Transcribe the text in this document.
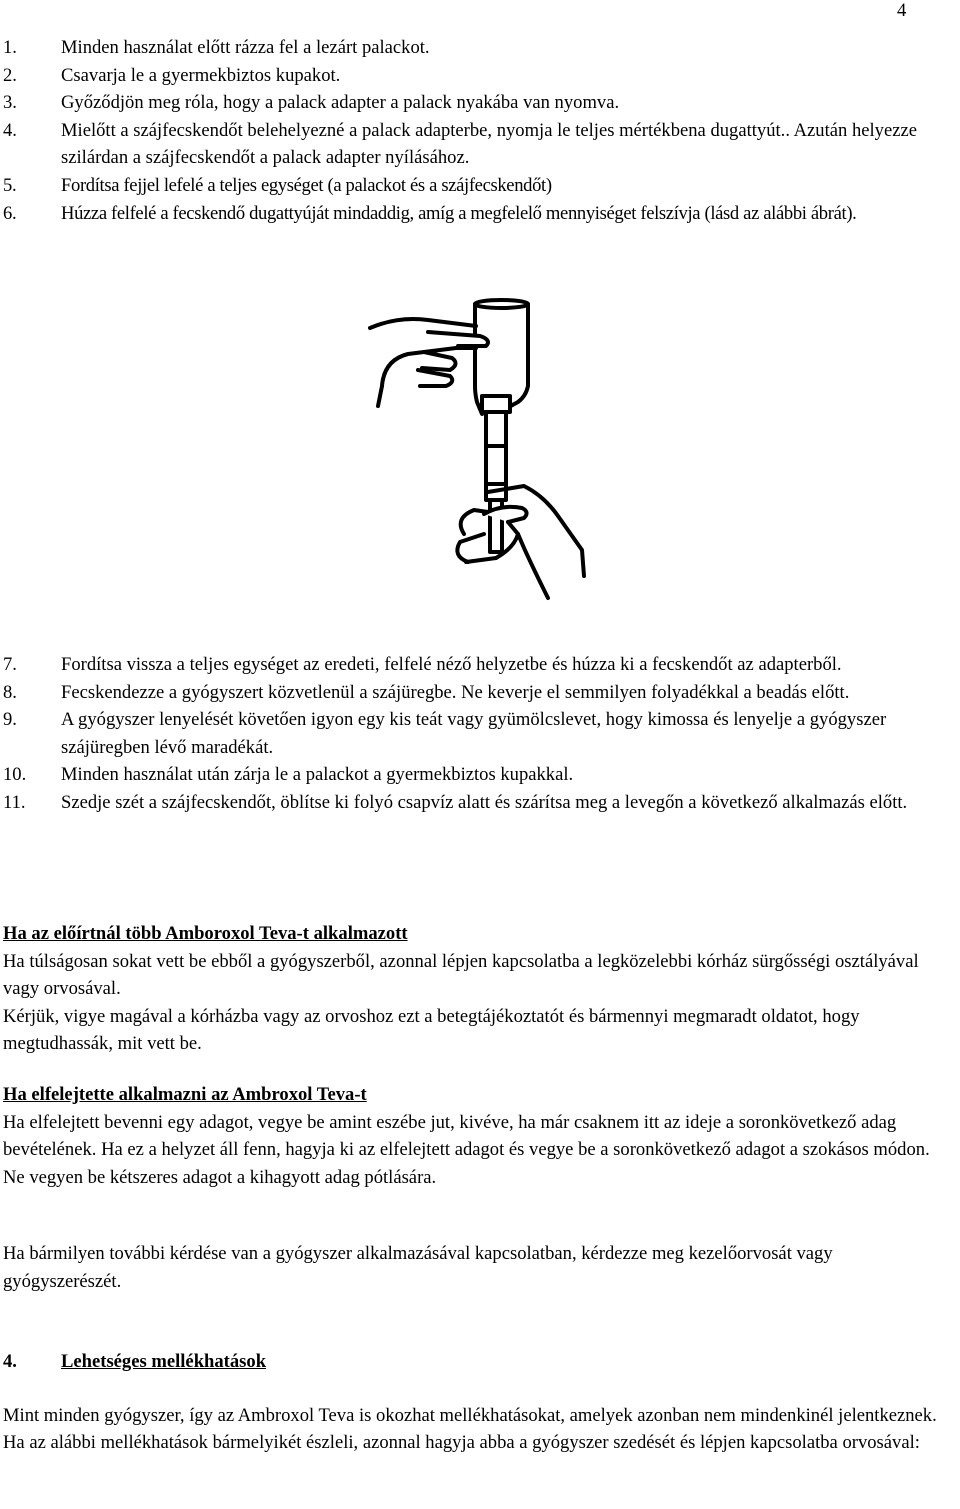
4
1. Minden használat előtt rázza fel a lezárt palackot.
2. Csavarja le a gyermekbiztos kupakot.
3. Győződjön meg róla, hogy a palack adapter a palack nyakába van nyomva.
4. Mielőtt a szájfecskendőt belehelyezné a palack adapterbe, nyomja le teljes mértékbena dugattyút.. Azután helyezze szilárdan a szájfecskendőt a palack adapter nyílásához.
5. Fordítsa fejjel lefelé a teljes egységet (a palackot és a szájfecskendőt)
6. Húzza felfelé a fecskendő dugattyúját mindaddig, amíg a megfelelő mennyiséget felszívja (lásd az alábbi ábrát).
7. Fordítsa vissza a teljes egységet az eredeti, felfelé néző helyzetbe és húzza ki a fecskendőt az adapterből.
8. Fecskendezze a gyógyszert közvetlenül a szájüregbe. Ne keverje el semmilyen folyadékkal a beadás előtt.
9. A gyógyszer lenyelését követően igyon egy kis teát vagy gyümölcslevet, hogy kimossa és lenyelje a gyógyszer szájüregben lévő maradékát.
10. Minden használat után zárja le a palackot a gyermekbiztos kupakkal.
11. Szedje szét a szájfecskendőt, öblítse ki folyó csapvíz alatt és szárítsa meg a levegőn a következő alkalmazás előtt.
Ha az előírtnál több Amboroxol Teva-t alkalmazott

Ha túlságosan sokat vett be ebből a gyógyszerből, azonnal lépjen kapcsolatba a legközelebbi kórház sürgősségi osztályával vagy orvosával.

Kérjük, vigye magával a kórházba vagy az orvoshoz ezt a betegtájékoztatót és bármennyi megmaradt oldatot, hogy megtudhassák, mit vett be.

Ha elfelejtette alkalmazni az Ambroxol Teva-t

Ha elfelejtett bevenni egy adagot, vegye be amint eszébe jut, kivéve, ha már csaknem itt az ideje a soronkövetkező adag bevételének. Ha ez a helyzet áll fenn, hagyja ki az elfelejtett adagot és vegye be a soronkövetkező adagot a szokásos módon. Ne vegyen be kétszeres adagot a kihagyott adag pótlására.

Ha bármilyen további kérdése van a gyógyszer alkalmazásával kapcsolatban, kérdezze meg kezelőorvosát vagy gyógyszerészét.

4.	Lehetséges mellékhatások

Mint minden gyógyszer, így az Ambroxol Teva is okozhat mellékhatásokat, amelyek azonban nem mindenkinél jelentkeznek.

Ha az alábbi mellékhatások bármelyikét észleli, azonnal hagyja abba a gyógyszer szedését és lépjen kapcsolatba orvosával:
